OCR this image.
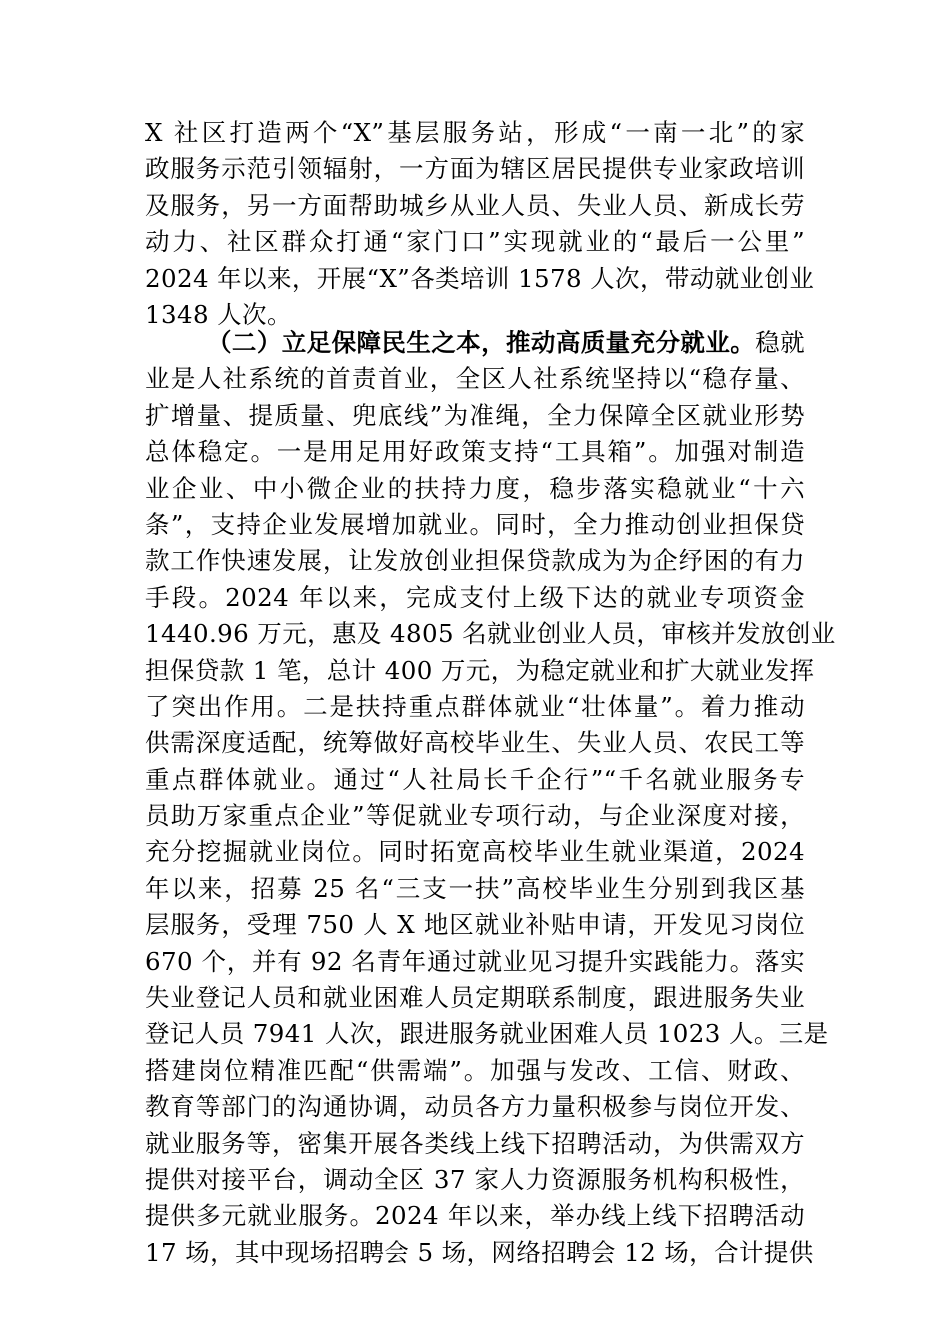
X 社区打造两个“X”基层服务站，形成“一南一北”的家
政服务示范引领辐射，一方面为辖区居民提供专业家政培训
及服务，另一方面帮助城乡从业人员、失业人员、新成长劳
动力、社区群众打通“家门口”实现就业的“最后一公里”
2024 年以来，开展“X”各类培训 1578 人次，带动就业创业
1348 人次。
（二）立足保障民生之本，推动高质量充分就业。稳就
业是人社系统的首责首业，全区人社系统坚持以“稳存量、
扩增量、提质量、兜底线”为准绳，全力保障全区就业形势
总体稳定。一是用足用好政策支持“工具箱”。加强对制造
业企业、中小微企业的扶持力度，稳步落实稳就业“十六
条”，支持企业发展增加就业。同时，全力推动创业担保贷
款工作快速发展，让发放创业担保贷款成为为企纾困的有力
手段。2024 年以来，完成支付上级下达的就业专项资金
1440.96 万元，惠及 4805 名就业创业人员，审核并发放创业
担保贷款 1 笔，总计 400 万元，为稳定就业和扩大就业发挥
了突出作用。二是扶持重点群体就业“壮体量”。着力推动
供需深度适配，统筹做好高校毕业生、失业人员、农民工等
重点群体就业。通过“人社局长千企行”“千名就业服务专
员助万家重点企业”等促就业专项行动，与企业深度对接，
充分挖掘就业岗位。同时拓宽高校毕业生就业渠道，2024
年以来，招募 25 名“三支一扶”高校毕业生分别到我区基
层服务，受理 750 人 X 地区就业补贴申请，开发见习岗位
670 个，并有 92 名青年通过就业见习提升实践能力。落实
失业登记人员和就业困难人员定期联系制度，跟进服务失业
登记人员 7941 人次，跟进服务就业困难人员 1023 人。三是
搭建岗位精准匹配“供需端”。加强与发改、工信、财政、
教育等部门的沟通协调，动员各方力量积极参与岗位开发、
就业服务等，密集开展各类线上线下招聘活动，为供需双方
提供对接平台，调动全区 37 家人力资源服务机构积极性，
提供多元就业服务。2024 年以来，举办线上线下招聘活动
17 场，其中现场招聘会 5 场，网络招聘会 12 场，合计提供
